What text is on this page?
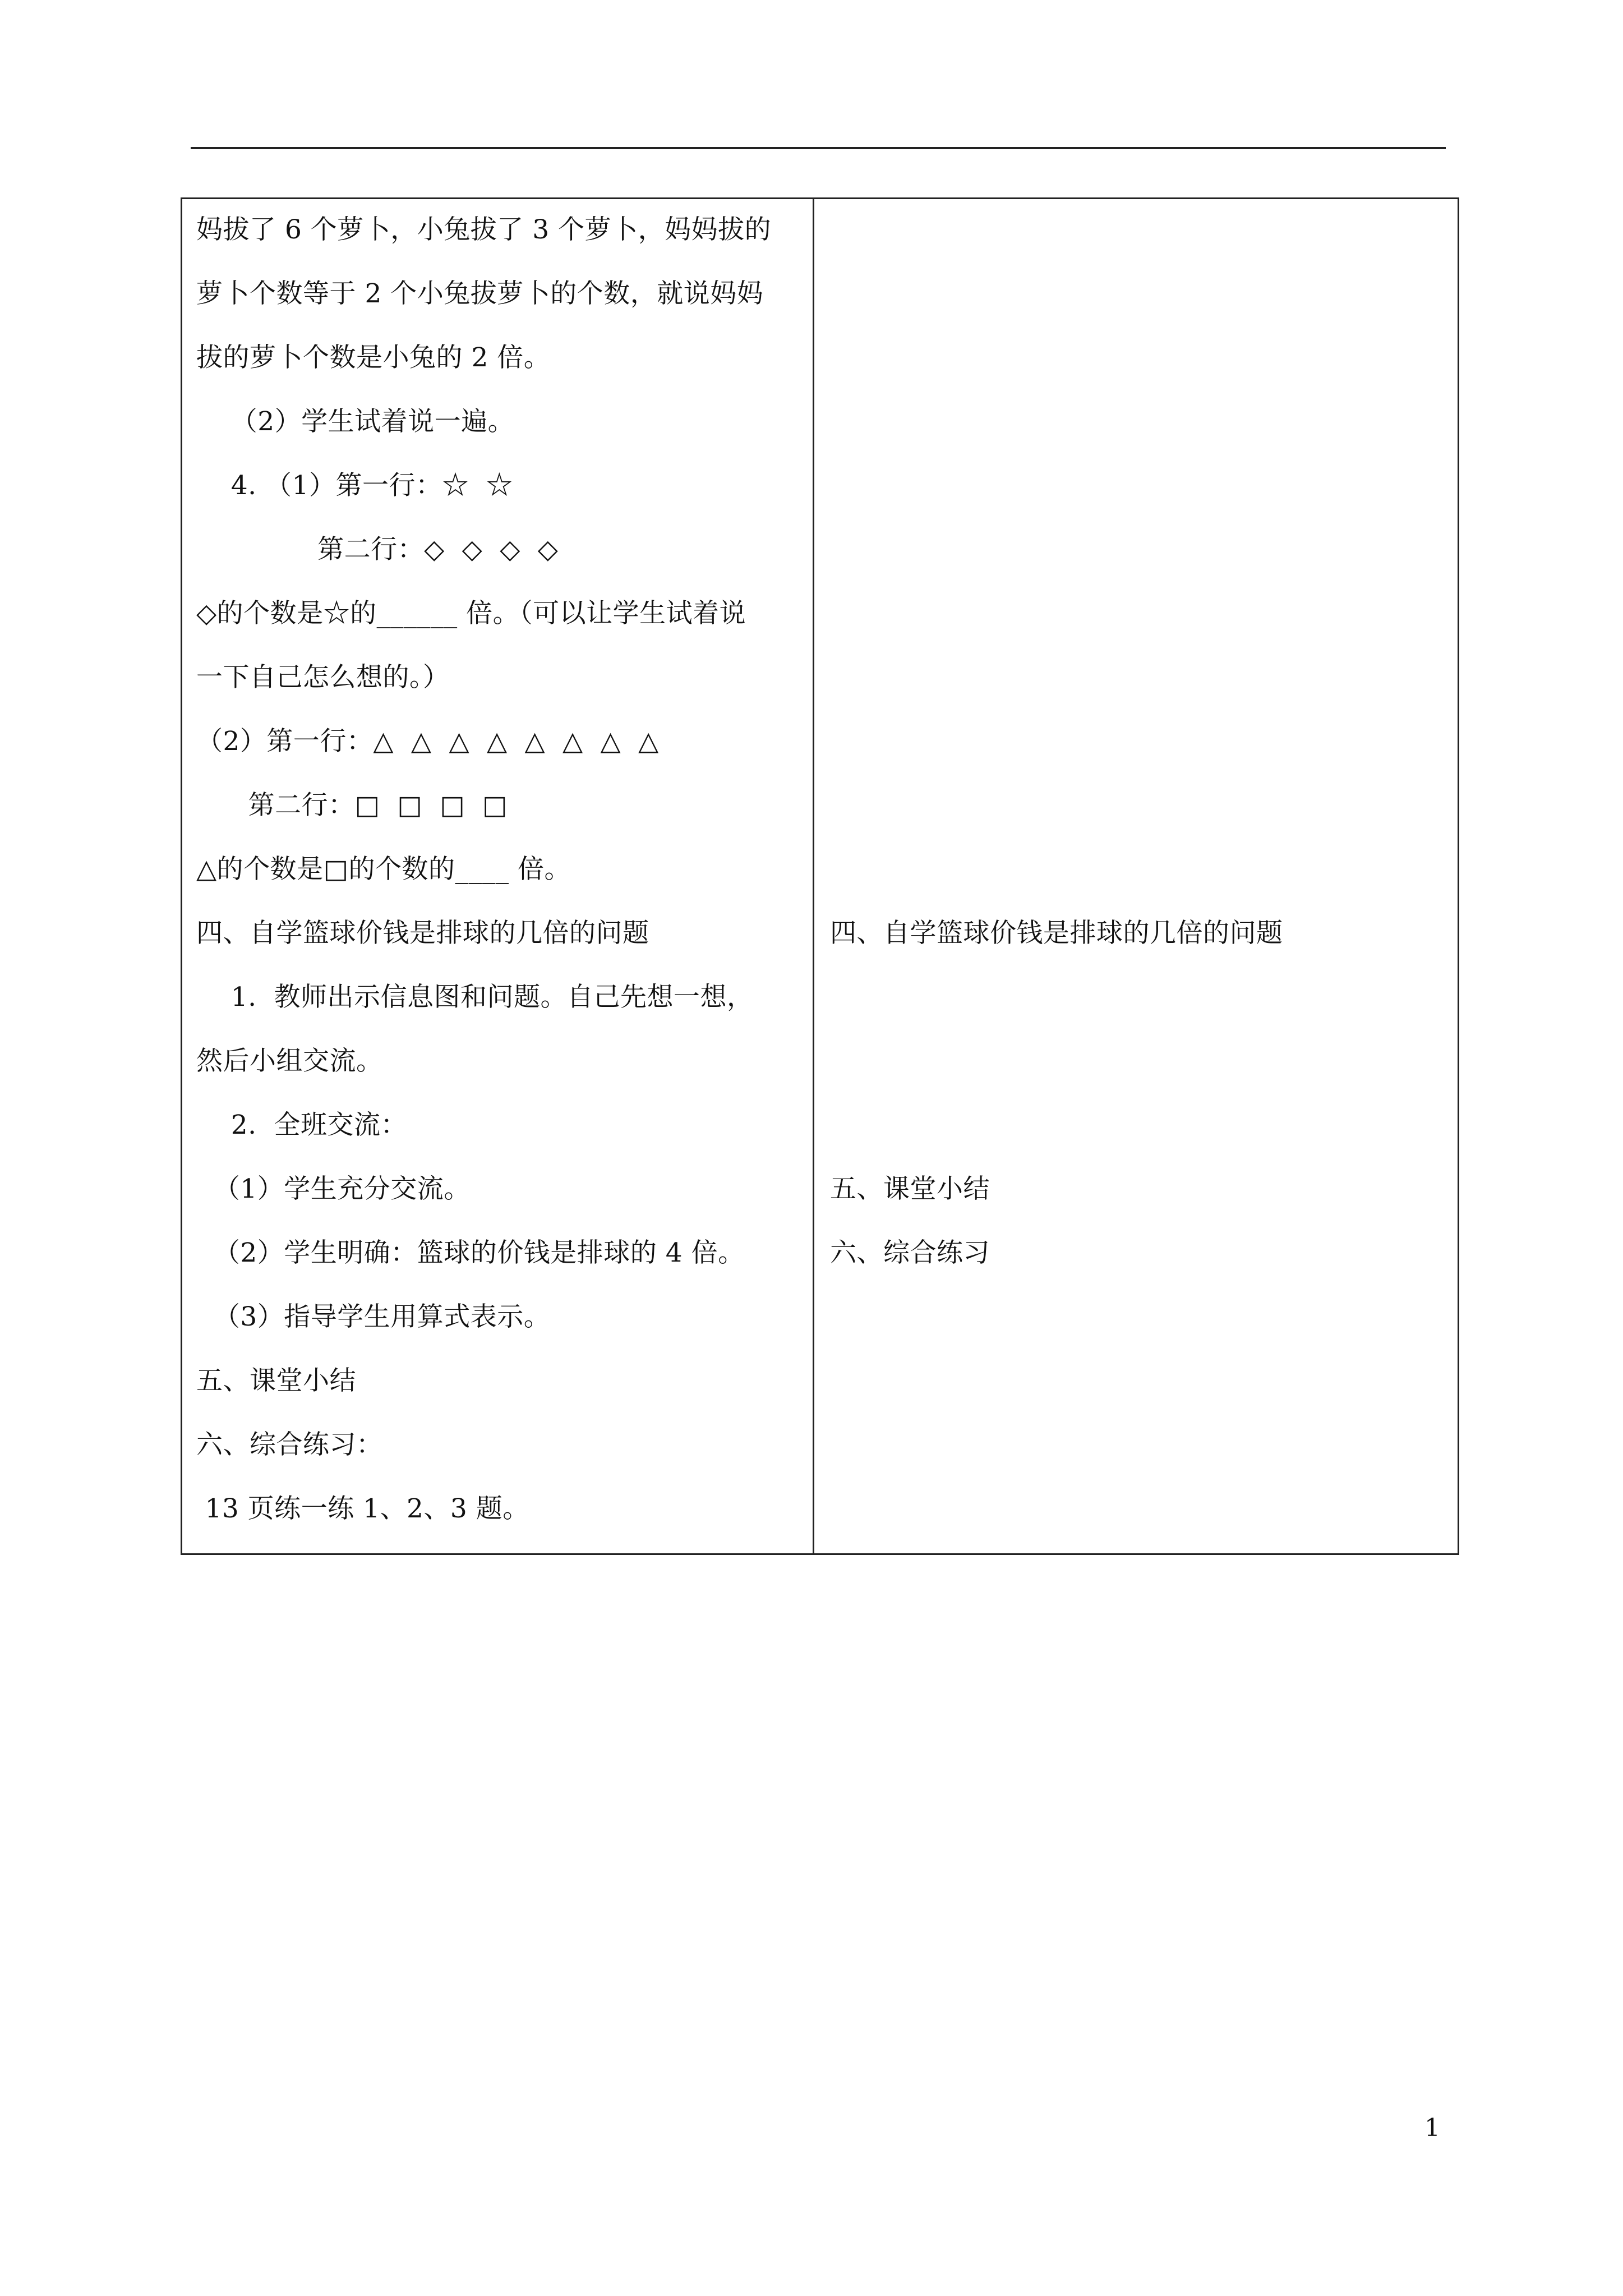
妈拔了 6 个萝卜，小兔拔了 3 个萝卜，妈妈拔的
萝卜个数等于 2 个小兔拔萝卜的个数，就说妈妈
拔的萝卜个数是小兔的 2 倍。
（2）学生试着说一遍。
4. （1）第一行：☆  ☆
第二行：◇  ◇  ◇  ◇
◇的个数是☆的______ 倍。（可以让学生试着说
一下自己怎么想的。）
（2）第一行：△  △  △  △  △  △  △  △
第二行：□  □  □  □
△的个数是□的个数的____ 倍。
四、自学篮球价钱是排球的几倍的问题
1.  教师出示信息图和问题。自己先想一想，
然后小组交流。
2.  全班交流：
（1）学生充分交流。
（2）学生明确：篮球的价钱是排球的 4 倍。
（3）指导学生用算式表示。
五、课堂小结
六、综合练习：
13 页练一练 1、2、3 题。
四、自学篮球价钱是排球的几倍的问题
五、课堂小结
六、综合练习
1
